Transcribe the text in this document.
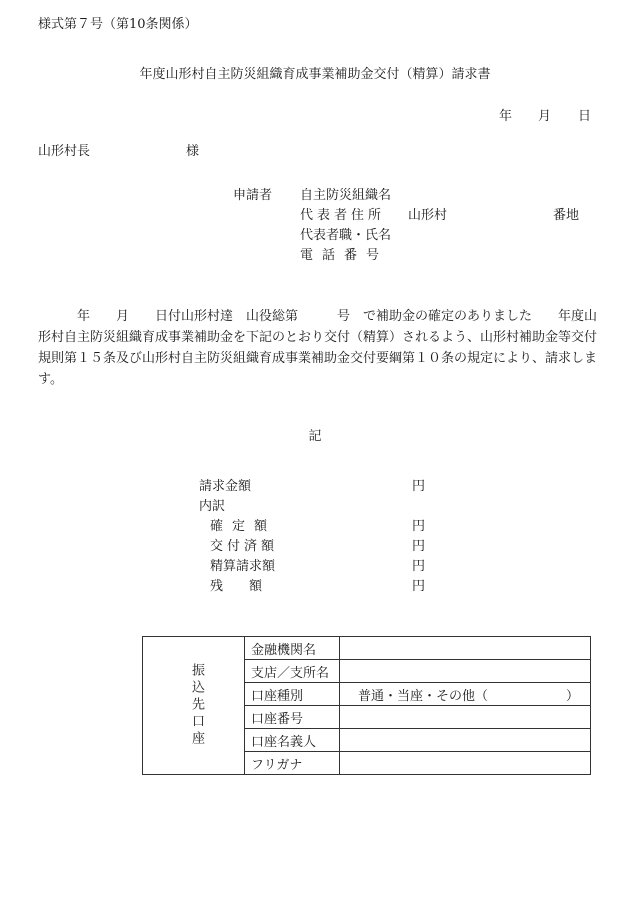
様式第７号（第10条関係）
年度山形村自主防災組織育成事業補助金交付（精算）請求書
年 月 日
山形村長	様
申請者 自主防災組織名
代表者住所 山形村	番地
代表者職・氏名
電話番号
　　　年　　月　　日付山形村達　山役総第　　　号　で補助金の確定のありました　　年度山形村自主防災組織育成事業補助金を下記のとおり交付（精算）されるよう、山形村補助金等交付規則第１５条及び山形村自主防災組織育成事業補助金交付要綱第１０条の規定により、請求します。
記
請求金額	円
内訳
確定額	円
交付済額	円
精算請求額	円
残額	円
振込先口座	金融機関名	
	支店／支所名	
	口座種別	普通・当座・その他（　　　　　　）
	口座番号	
	口座名義人	
	フリガナ	
